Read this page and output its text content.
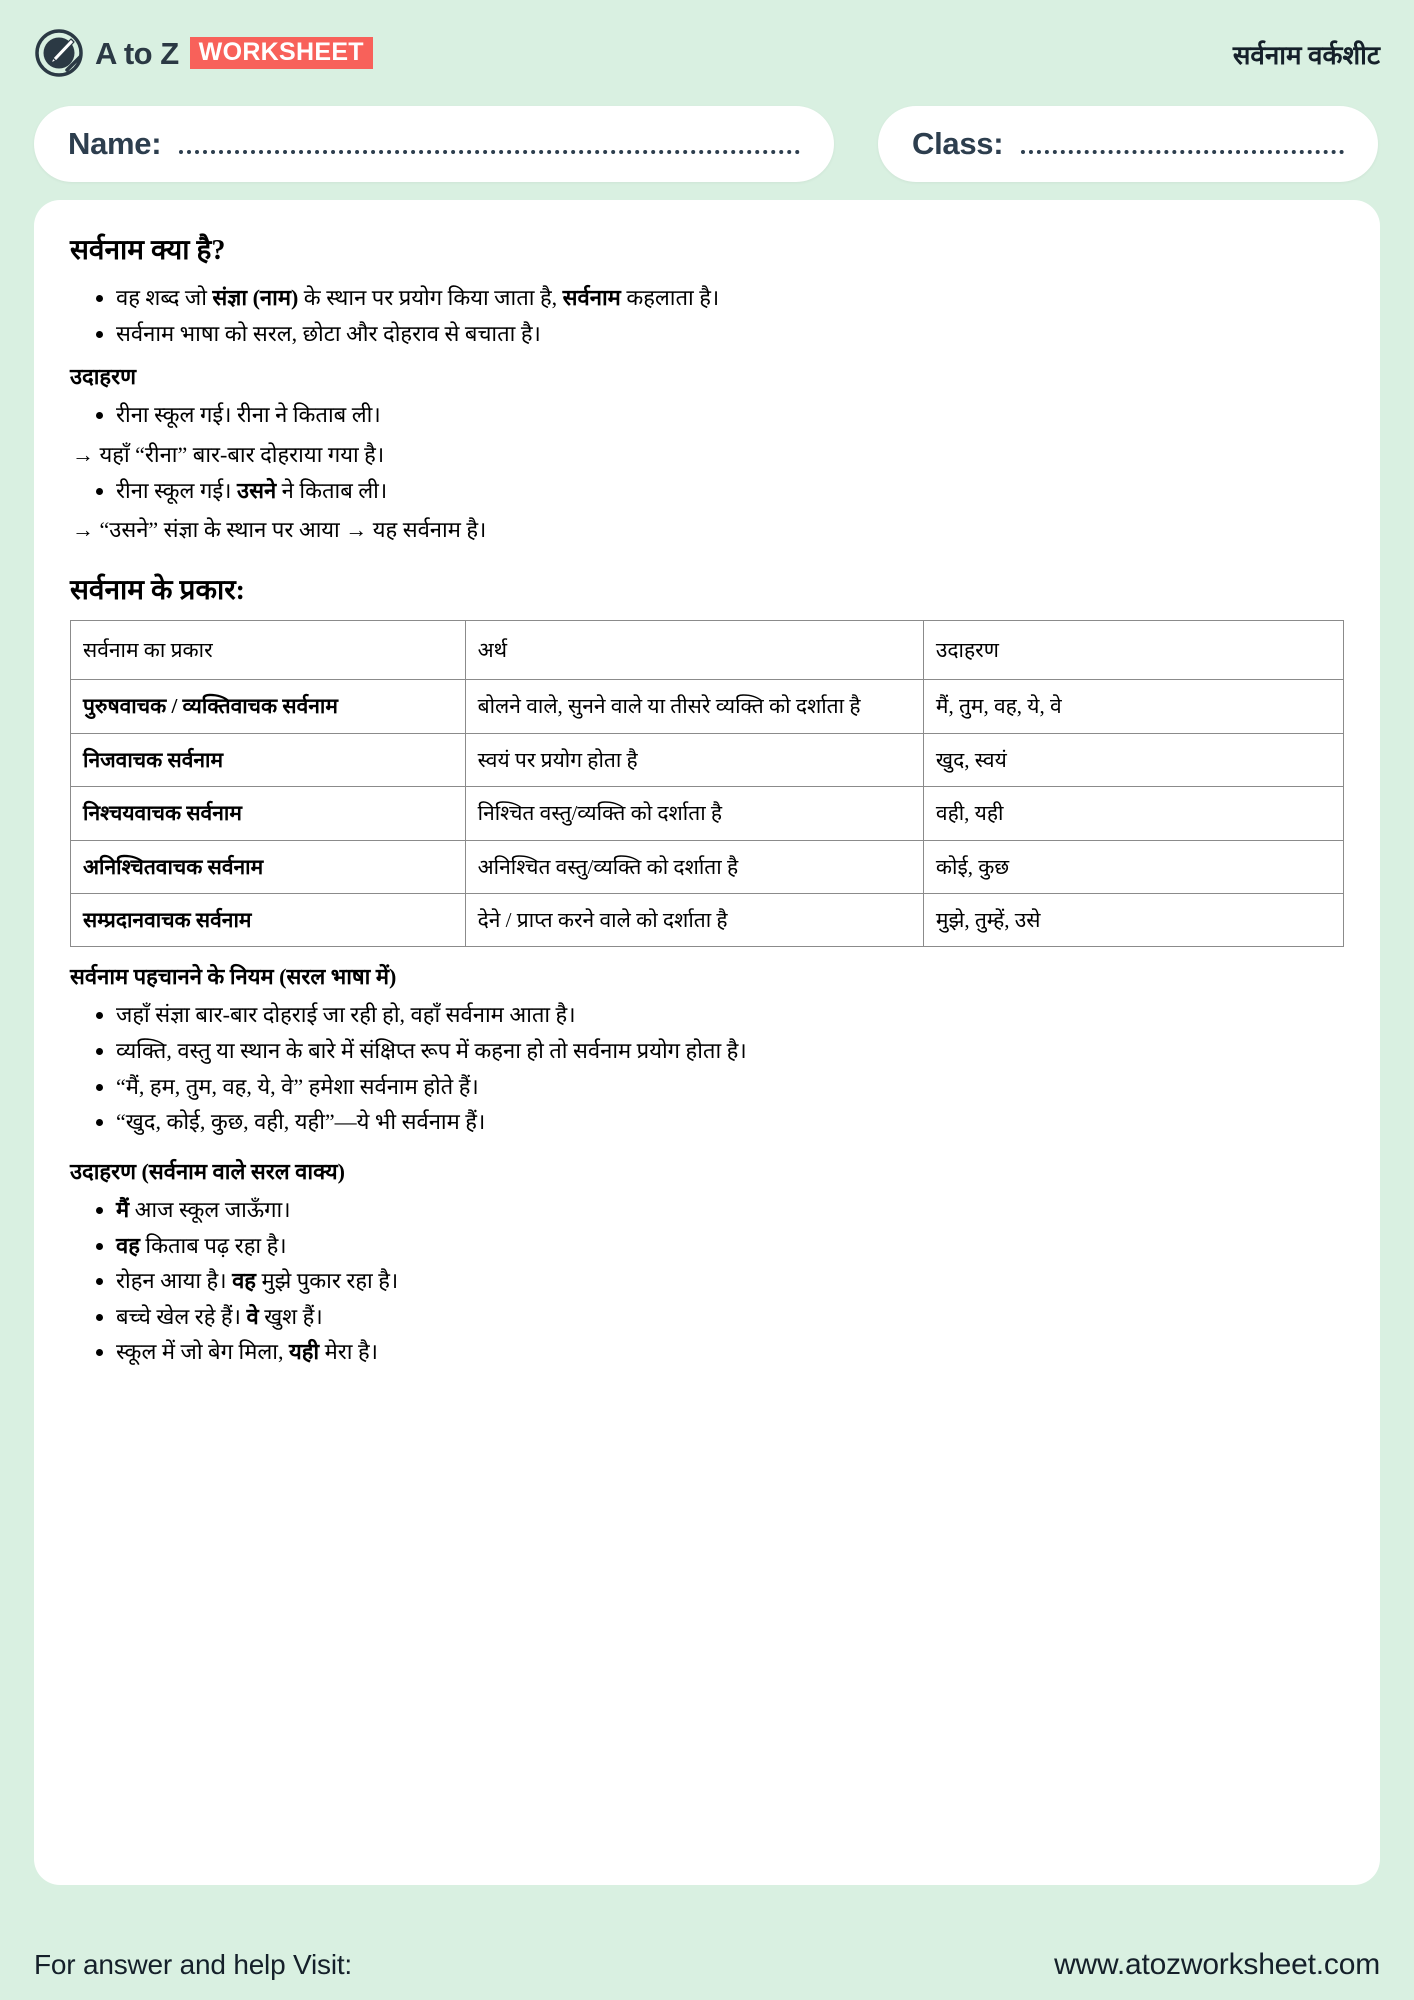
A to Z WORKSHEET	सर्वनाम वर्कशीट
Name:	Class:
सर्वनाम क्या है?
वह शब्द जो संज्ञा (नाम) के स्थान पर प्रयोग किया जाता है, सर्वनाम कहलाता है।
सर्वनाम भाषा को सरल, छोटा और दोहराव से बचाता है।
उदाहरण
रीना स्कूल गई। रीना ने किताब ली।
→ यहाँ “रीना” बार-बार दोहराया गया है।
रीना स्कूल गई। उसने ने किताब ली।
→ “उसने” संज्ञा के स्थान पर आया → यह सर्वनाम है।
सर्वनाम के प्रकार:
सर्वनाम का प्रकार	अर्थ	उदाहरण
पुरुषवाचक / व्यक्तिवाचक सर्वनाम	बोलने वाले, सुनने वाले या तीसरे व्यक्ति को दर्शाता है	मैं, तुम, वह, ये, वे
निजवाचक सर्वनाम	स्वयं पर प्रयोग होता है	खुद, स्वयं
निश्चयवाचक सर्वनाम	निश्चित वस्तु/व्यक्ति को दर्शाता है	वही, यही
अनिश्चितवाचक सर्वनाम	अनिश्चित वस्तु/व्यक्ति को दर्शाता है	कोई, कुछ
सम्प्रदानवाचक सर्वनाम	देने / प्राप्त करने वाले को दर्शाता है	मुझे, तुम्हें, उसे
सर्वनाम पहचानने के नियम (सरल भाषा में)
जहाँ संज्ञा बार-बार दोहराई जा रही हो, वहाँ सर्वनाम आता है।
व्यक्ति, वस्तु या स्थान के बारे में संक्षिप्त रूप में कहना हो तो सर्वनाम प्रयोग होता है।
“मैं, हम, तुम, वह, ये, वे” हमेशा सर्वनाम होते हैं।
“खुद, कोई, कुछ, वही, यही”—ये भी सर्वनाम हैं।
उदाहरण (सर्वनाम वाले सरल वाक्य)
मैं आज स्कूल जाऊँगा।
वह किताब पढ़ रहा है।
रोहन आया है। वह मुझे पुकार रहा है।
बच्चे खेल रहे हैं। वे खुश हैं।
स्कूल में जो बेग मिला, यही मेरा है।
For answer and help Visit:	www.atozworksheet.com
